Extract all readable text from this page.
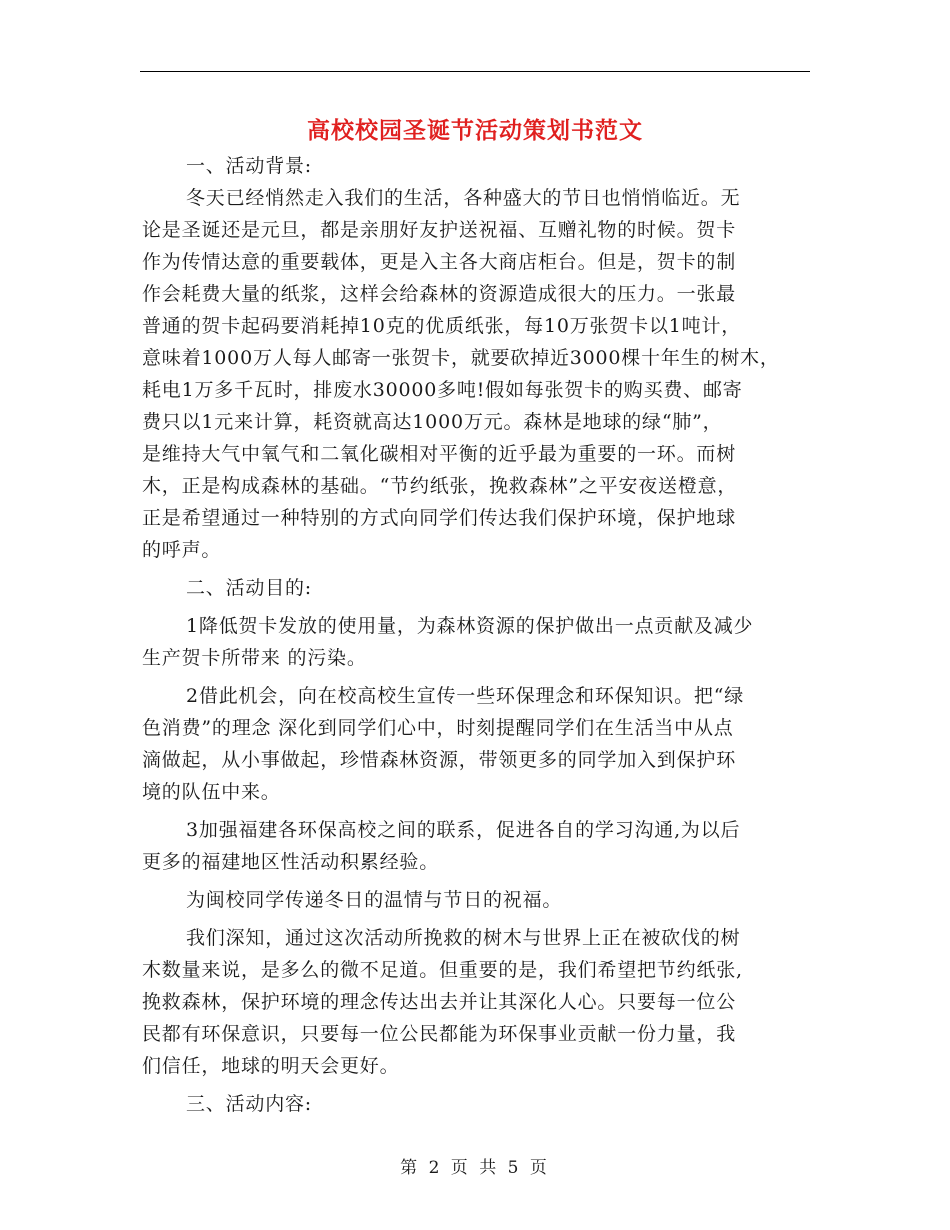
高校校园圣诞节活动策划书范文
一、活动背景:
冬天已经悄然走入我们的生活，各种盛大的节日也悄悄临近。无
论是圣诞还是元旦，都是亲朋好友护送祝福、互赠礼物的时候。贺卡
作为传情达意的重要载体，更是入主各大商店柜台。但是，贺卡的制
作会耗费大量的纸浆，这样会给森林的资源造成很大的压力。一张最
普通的贺卡起码要消耗掉10克的优质纸张，每10万张贺卡以1吨计，
意味着1000万人每人邮寄一张贺卡，就要砍掉近3000棵十年生的树木，
耗电1万多千瓦时，排废水30000多吨!假如每张贺卡的购买费、邮寄
费只以1元来计算，耗资就高达1000万元。森林是地球的绿“肺”，
是维持大气中氧气和二氧化碳相对平衡的近乎最为重要的一环。而树
木，正是构成森林的基础。“节约纸张，挽救森林”之平安夜送橙意，
正是希望通过一种特别的方式向同学们传达我们保护环境，保护地球
的呼声。
二、活动目的:
1降低贺卡发放的使用量，为森林资源的保护做出一点贡献及减少
生产贺卡所带来 的污染。
2借此机会，向在校高校生宣传一些环保理念和环保知识。把“绿
色消费”的理念 深化到同学们心中，时刻提醒同学们在生活当中从点
滴做起，从小事做起，珍惜森林资源，带领更多的同学加入到保护环
境的队伍中来。
3加强福建各环保高校之间的联系，促进各自的学习沟通,为以后
更多的福建地区性活动积累经验。
为闽校同学传递冬日的温情与节日的祝福。
我们深知，通过这次活动所挽救的树木与世界上正在被砍伐的树
木数量来说，是多么的微不足道。但重要的是，我们希望把节约纸张,
挽救森林，保护环境的理念传达出去并让其深化人心。只要每一位公
民都有环保意识，只要每一位公民都能为环保事业贡献一份力量，我
们信任，地球的明天会更好。
三、活动内容:
第 2 页 共 5 页
